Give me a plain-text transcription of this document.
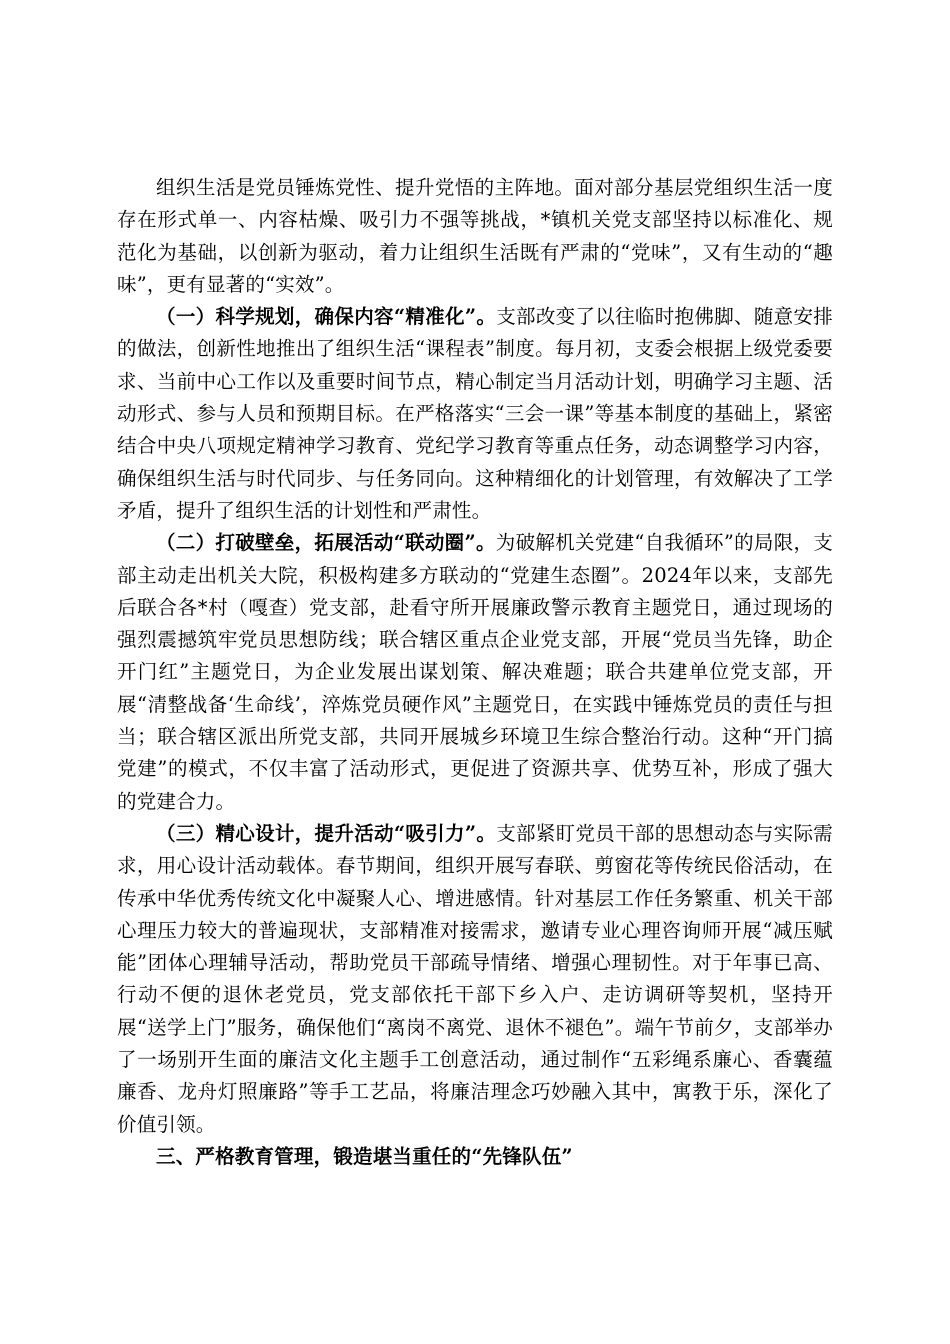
组织生活是党员锤炼党性、提升党悟的主阵地。面对部分基层党组织生活一度存在形式单一、内容枯燥、吸引力不强等挑战，*镇机关党支部坚持以标准化、规范化为基础，以创新为驱动，着力让组织生活既有严肃的“党味”，又有生动的“趣味”，更有显著的“实效”。

（一）科学规划，确保内容“精准化”。支部改变了以往临时抱佛脚、随意安排的做法，创新性地推出了组织生活“课程表”制度。每月初，支委会根据上级党委要求、当前中心工作以及重要时间节点，精心制定当月活动计划，明确学习主题、活动形式、参与人员和预期目标。在严格落实“三会一课”等基本制度的基础上，紧密结合中央八项规定精神学习教育、党纪学习教育等重点任务，动态调整学习内容，确保组织生活与时代同步、与任务同向。这种精细化的计划管理，有效解决了工学矛盾，提升了组织生活的计划性和严肃性。

（二）打破壁垒，拓展活动“联动圈”。为破解机关党建“自我循环”的局限，支部主动走出机关大院，积极构建多方联动的“党建生态圈”。2024年以来，支部先后联合各*村（嘎查）党支部，赴看守所开展廉政警示教育主题党日，通过现场的强烈震撼筑牢党员思想防线；联合辖区重点企业党支部，开展“党员当先锋，助企开门红”主题党日，为企业发展出谋划策、解决难题；联合共建单位党支部，开展“清整战备‘生命线’，淬炼党员硬作风”主题党日，在实践中锤炼党员的责任与担当；联合辖区派出所党支部，共同开展城乡环境卫生综合整治行动。这种“开门搞党建”的模式，不仅丰富了活动形式，更促进了资源共享、优势互补，形成了强大的党建合力。

（三）精心设计，提升活动“吸引力”。支部紧盯党员干部的思想动态与实际需求，用心设计活动载体。春节期间，组织开展写春联、剪窗花等传统民俗活动，在传承中华优秀传统文化中凝聚人心、增进感情。针对基层工作任务繁重、机关干部心理压力较大的普遍现状，支部精准对接需求，邀请专业心理咨询师开展“减压赋能”团体心理辅导活动，帮助党员干部疏导情绪、增强心理韧性。对于年事已高、行动不便的退休老党员，党支部依托干部下乡入户、走访调研等契机，坚持开展“送学上门”服务，确保他们“离岗不离党、退休不褪色”。端午节前夕，支部举办了一场别开生面的廉洁文化主题手工创意活动，通过制作“五彩绳系廉心、香囊蕴廉香、龙舟灯照廉路”等手工艺品，将廉洁理念巧妙融入其中，寓教于乐，深化了价值引领。

三、严格教育管理，锻造堪当重任的“先锋队伍”
